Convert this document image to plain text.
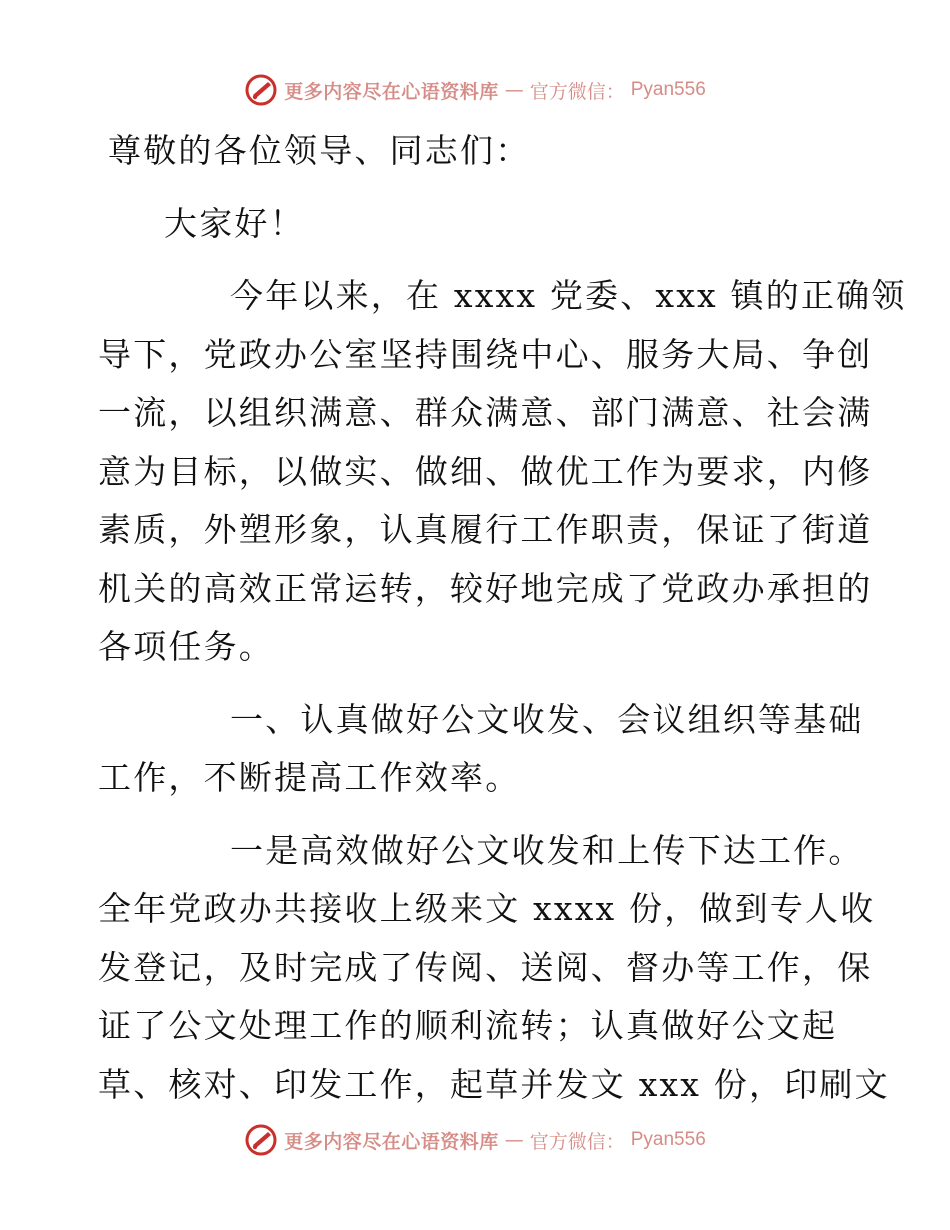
更多内容尽在心语资料库 — 官方微信： Pyan556
尊敬的各位领导、同志们：
大家好！
今年以来，在 xxxx 党委、xxx 镇的正确领
导下，党政办公室坚持围绕中心、服务大局、争创
一流，以组织满意、群众满意、部门满意、社会满
意为目标，以做实、做细、做优工作为要求，内修
素质，外塑形象，认真履行工作职责，保证了街道
机关的高效正常运转，较好地完成了党政办承担的
各项任务。
一、认真做好公文收发、会议组织等基础
工作，不断提高工作效率。
一是高效做好公文收发和上传下达工作。
全年党政办共接收上级来文 xxxx 份，做到专人收
发登记，及时完成了传阅、送阅、督办等工作，保
证了公文处理工作的顺利流转；认真做好公文起
草、核对、印发工作，起草并发文 xxx 份，印刷文
更多内容尽在心语资料库 — 官方微信： Pyan556
